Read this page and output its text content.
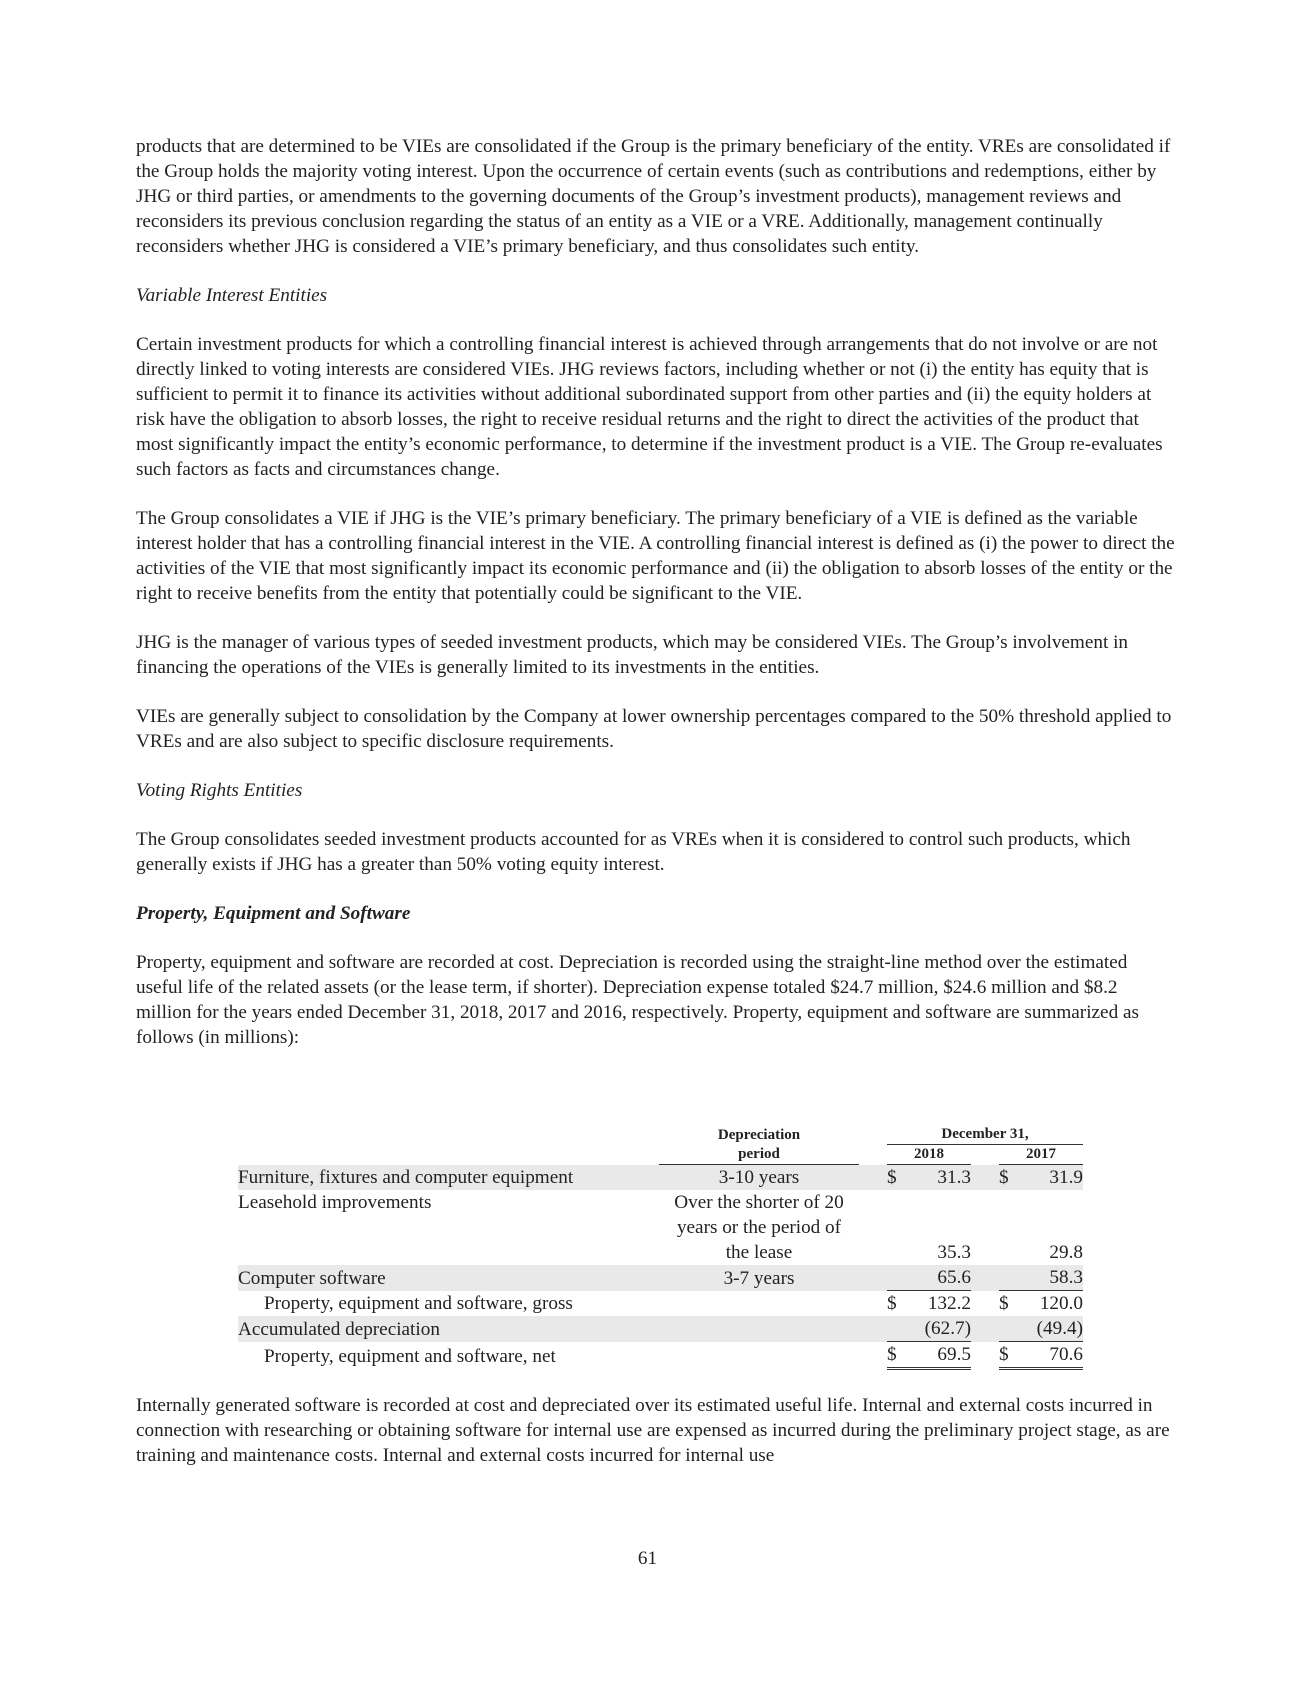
products that are determined to be VIEs are consolidated if the Group is the primary beneficiary of the entity. VREs are consolidated if the Group holds the majority voting interest. Upon the occurrence of certain events (such as contributions and redemptions, either by JHG or third parties, or amendments to the governing documents of the Group’s investment products), management reviews and reconsiders its previous conclusion regarding the status of an entity as a VIE or a VRE. Additionally, management continually reconsiders whether JHG is considered a VIE’s primary beneficiary, and thus consolidates such entity.

Variable Interest Entities

Certain investment products for which a controlling financial interest is achieved through arrangements that do not involve or are not directly linked to voting interests are considered VIEs. JHG reviews factors, including whether or not (i) the entity has equity that is sufficient to permit it to finance its activities without additional subordinated support from other parties and (ii) the equity holders at risk have the obligation to absorb losses, the right to receive residual returns and the right to direct the activities of the product that most significantly impact the entity’s economic performance, to determine if the investment product is a VIE. The Group re-evaluates such factors as facts and circumstances change.

The Group consolidates a VIE if JHG is the VIE’s primary beneficiary. The primary beneficiary of a VIE is defined as the variable interest holder that has a controlling financial interest in the VIE. A controlling financial interest is defined as (i) the power to direct the activities of the VIE that most significantly impact its economic performance and (ii) the obligation to absorb losses of the entity or the right to receive benefits from the entity that potentially could be significant to the VIE.

JHG is the manager of various types of seeded investment products, which may be considered VIEs. The Group’s involvement in financing the operations of the VIEs is generally limited to its investments in the entities.

VIEs are generally subject to consolidation by the Company at lower ownership percentages compared to the 50% threshold applied to VREs and are also subject to specific disclosure requirements.

Voting Rights Entities

The Group consolidates seeded investment products accounted for as VREs when it is considered to control such products, which generally exists if JHG has a greater than 50% voting equity interest.

Property, Equipment and Software

Property, equipment and software are recorded at cost. Depreciation is recorded using the straight-line method over the estimated useful life of the related assets (or the lease term, if shorter). Depreciation expense totaled $24.7 million, $24.6 million and $8.2 million for the years ended December 31, 2018, 2017 and 2016, respectively. Property, equipment and software are summarized as follows (in millions):

	Depreciation		December 31,				
	period		2018			2017	
Furniture, fixtures and computer equipment	3-10 years		$	31.3		$	31.9
Leasehold improvements	Over the shorter of 20
years or the period of
the lease			35.3			29.8
Computer software	3-7 years			65.6			58.3
Property, equipment and software, gross			$	132.2		$	120.0
Accumulated depreciation				(62.7)			(49.4)
Property, equipment and software, net			$	69.5		$	70.6

Internally generated software is recorded at cost and depreciated over its estimated useful life. Internal and external costs incurred in connection with researching or obtaining software for internal use are expensed as incurred during the preliminary project stage, as are training and maintenance costs. Internal and external costs incurred for internal use

61
